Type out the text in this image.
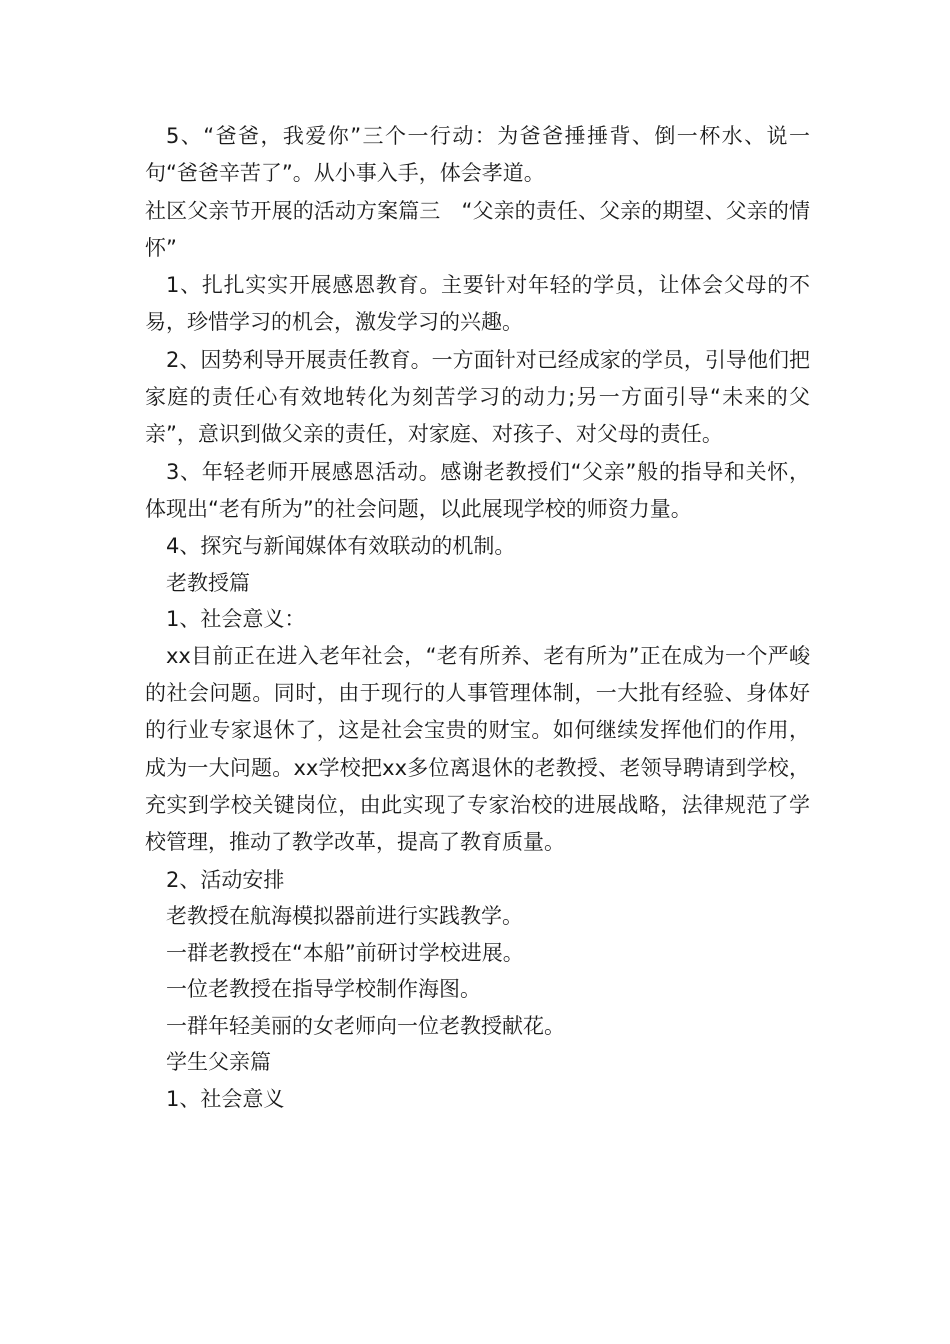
5、“爸爸，我爱你”三个一行动：为爸爸捶捶背、倒一杯水、说一句“爸爸辛苦了”。从小事入手，体会孝道。

社区父亲节开展的活动方案篇三　“父亲的责任、父亲的期望、父亲的情怀”

1、扎扎实实开展感恩教育。主要针对年轻的学员，让体会父母的不易，珍惜学习的机会，激发学习的兴趣。

2、因势利导开展责任教育。一方面针对已经成家的学员，引导他们把家庭的责任心有效地转化为刻苦学习的动力;另一方面引导“未来的父亲”，意识到做父亲的责任，对家庭、对孩子、对父母的责任。

3、年轻老师开展感恩活动。感谢老教授们“父亲”般的指导和关怀，体现出“老有所为”的社会问题，以此展现学校的师资力量。

4、探究与新闻媒体有效联动的机制。

老教授篇

1、社会意义：

xx目前正在进入老年社会，“老有所养、老有所为”正在成为一个严峻的社会问题。同时，由于现行的人事管理体制，一大批有经验、身体好的行业专家退休了，这是社会宝贵的财宝。如何继续发挥他们的作用，成为一大问题。xx学校把xx多位离退休的老教授、老领导聘请到学校，充实到学校关键岗位，由此实现了专家治校的进展战略，法律规范了学校管理，推动了教学改革，提高了教育质量。

2、活动安排

老教授在航海模拟器前进行实践教学。

一群老教授在“本船”前研讨学校进展。

一位老教授在指导学校制作海图。

一群年轻美丽的女老师向一位老教授献花。

学生父亲篇

1、社会意义
